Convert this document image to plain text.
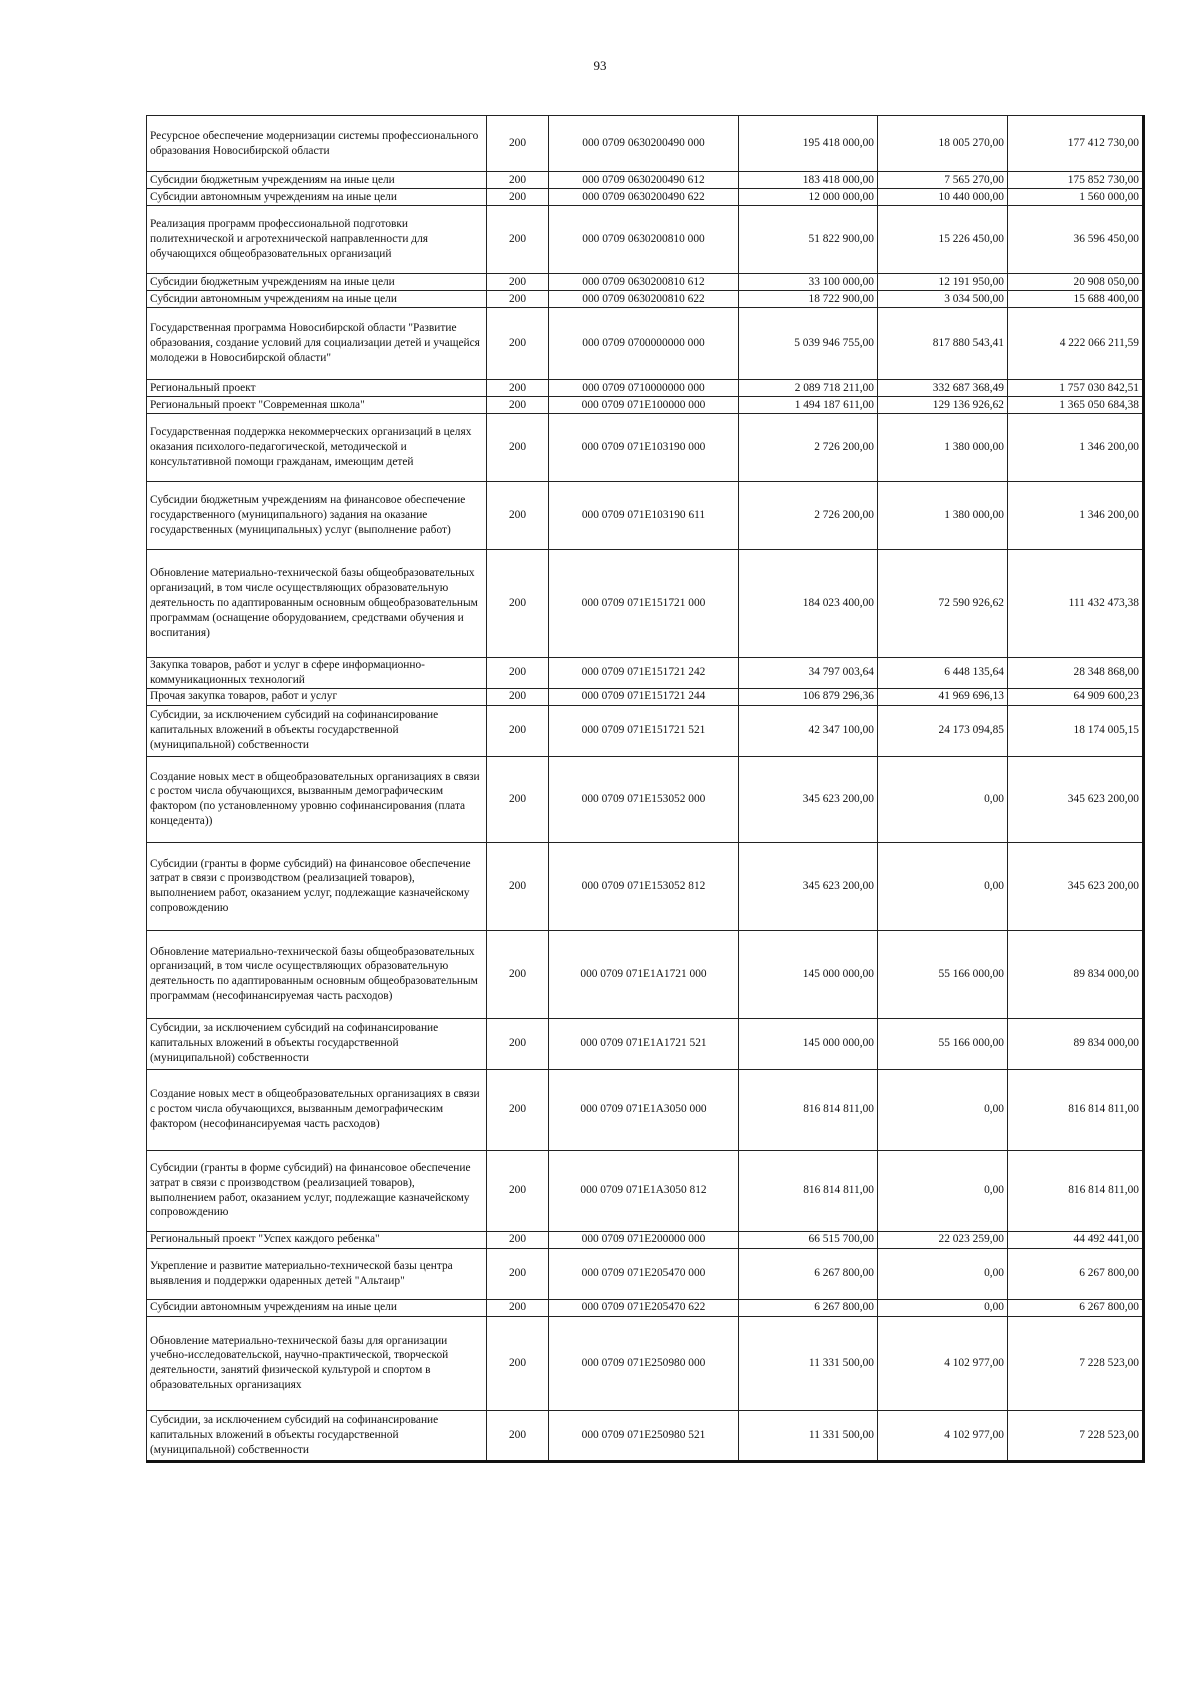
93
Ресурсное обеспечение модернизации системы профессионального образования Новосибирской области	200	000 0709 0630200490 000	195 418 000,00	18 005 270,00	177 412 730,00
Субсидии бюджетным учреждениям на иные цели	200	000 0709 0630200490 612	183 418 000,00	7 565 270,00	175 852 730,00
Субсидии автономным учреждениям на иные цели	200	000 0709 0630200490 622	12 000 000,00	10 440 000,00	1 560 000,00
Реализация программ профессиональной подготовки политехнической и агротехнической направленности для обучающихся общеобразовательных организаций	200	000 0709 0630200810 000	51 822 900,00	15 226 450,00	36 596 450,00
Субсидии бюджетным учреждениям на иные цели	200	000 0709 0630200810 612	33 100 000,00	12 191 950,00	20 908 050,00
Субсидии автономным учреждениям на иные цели	200	000 0709 0630200810 622	18 722 900,00	3 034 500,00	15 688 400,00
Государственная программа Новосибирской области "Развитие образования, создание условий для социализации детей и учащейся молодежи в Новосибирской области"	200	000 0709 0700000000 000	5 039 946 755,00	817 880 543,41	4 222 066 211,59
Региональный проект	200	000 0709 0710000000 000	2 089 718 211,00	332 687 368,49	1 757 030 842,51
Региональный проект "Современная школа"	200	000 0709 071E100000 000	1 494 187 611,00	129 136 926,62	1 365 050 684,38
Государственная поддержка некоммерческих организаций в целях оказания психолого-педагогической, методической и консультативной помощи гражданам, имеющим детей	200	000 0709 071E103190 000	2 726 200,00	1 380 000,00	1 346 200,00
Субсидии бюджетным учреждениям на финансовое обеспечение государственного (муниципального) задания на оказание государственных (муниципальных) услуг (выполнение работ)	200	000 0709 071E103190 611	2 726 200,00	1 380 000,00	1 346 200,00
Обновление материально-технической базы общеобразовательных организаций, в том числе осуществляющих образовательную деятельность по адаптированным основным общеобразовательным программам (оснащение оборудованием, средствами обучения и воспитания)	200	000 0709 071E151721 000	184 023 400,00	72 590 926,62	111 432 473,38
Закупка товаров, работ и услуг в сфере информационно-коммуникационных технологий	200	000 0709 071E151721 242	34 797 003,64	6 448 135,64	28 348 868,00
Прочая закупка товаров, работ и услуг	200	000 0709 071E151721 244	106 879 296,36	41 969 696,13	64 909 600,23
Субсидии, за исключением субсидий на софинансирование капитальных вложений в объекты государственной (муниципальной) собственности	200	000 0709 071E151721 521	42 347 100,00	24 173 094,85	18 174 005,15
Создание новых мест в общеобразовательных организациях в связи с ростом числа обучающихся, вызванным демографическим фактором (по установленному уровню софинансирования (плата концедента))	200	000 0709 071E153052 000	345 623 200,00	0,00	345 623 200,00
Субсидии (гранты в форме субсидий) на финансовое обеспечение затрат в связи с производством (реализацией товаров), выполнением работ, оказанием услуг, подлежащие казначейскому сопровождению	200	000 0709 071E153052 812	345 623 200,00	0,00	345 623 200,00
Обновление материально-технической базы общеобразовательных организаций, в том числе осуществляющих образовательную деятельность по адаптированным основным общеобразовательным программам (несофинансируемая часть расходов)	200	000 0709 071E1A1721 000	145 000 000,00	55 166 000,00	89 834 000,00
Субсидии, за исключением субсидий на софинансирование капитальных вложений в объекты государственной (муниципальной) собственности	200	000 0709 071E1A1721 521	145 000 000,00	55 166 000,00	89 834 000,00
Создание новых мест в общеобразовательных организациях в связи с ростом числа обучающихся, вызванным демографическим фактором (несофинансируемая часть расходов)	200	000 0709 071E1A3050 000	816 814 811,00	0,00	816 814 811,00
Субсидии (гранты в форме субсидий) на финансовое обеспечение затрат в связи с производством (реализацией товаров), выполнением работ, оказанием услуг, подлежащие казначейскому сопровождению	200	000 0709 071E1A3050 812	816 814 811,00	0,00	816 814 811,00
Региональный проект "Успех каждого ребенка"	200	000 0709 071E200000 000	66 515 700,00	22 023 259,00	44 492 441,00
Укрепление и развитие материально-технической базы центра выявления и поддержки одаренных детей "Альтаир"	200	000 0709 071E205470 000	6 267 800,00	0,00	6 267 800,00
Субсидии автономным учреждениям на иные цели	200	000 0709 071E205470 622	6 267 800,00	0,00	6 267 800,00
Обновление материально-технической базы для организации учебно-исследовательской, научно-практической, творческой деятельности, занятий физической культурой и спортом в образовательных организациях	200	000 0709 071E250980 000	11 331 500,00	4 102 977,00	7 228 523,00
Субсидии, за исключением субсидий на софинансирование капитальных вложений в объекты государственной (муниципальной) собственности	200	000 0709 071E250980 521	11 331 500,00	4 102 977,00	7 228 523,00
